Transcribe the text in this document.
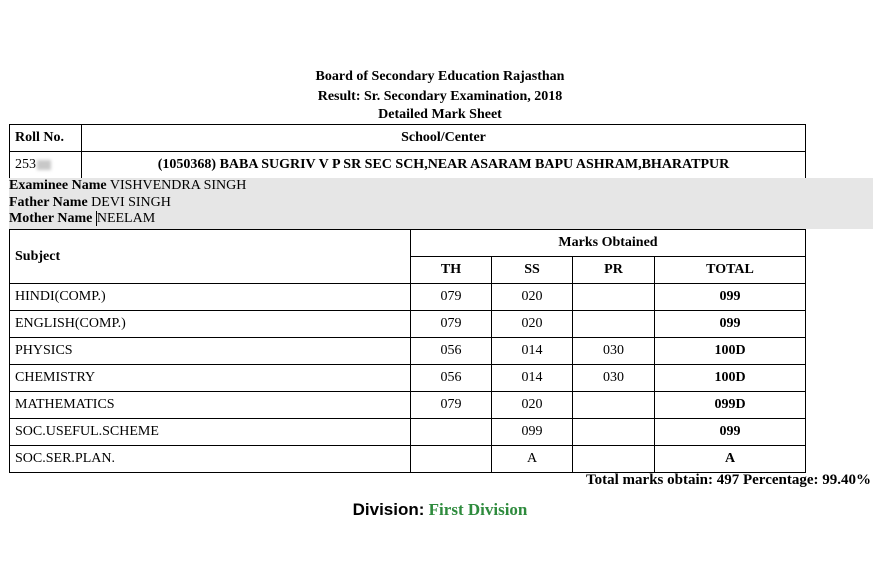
Board of Secondary Education Rajasthan
Result: Sr. Secondary Examination, 2018
Detailed Mark Sheet
Roll No.	School/Center
253	(1050368) BABA SUGRIV V P SR SEC SCH,NEAR ASARAM BAPU ASHRAM,BHARATPUR
Examinee Name VISHVENDRA SINGH
Father Name DEVI SINGH
Mother Name NEELAM
Subject	Marks Obtained			
	TH	SS	PR	TOTAL
HINDI(COMP.)	079	020		099
ENGLISH(COMP.)	079	020		099
PHYSICS	056	014	030	100D
CHEMISTRY	056	014	030	100D
MATHEMATICS	079	020		099D
SOC.USEFUL.SCHEME		099		099
SOC.SER.PLAN.		A		A
Total marks obtain: 497 Percentage: 99.40%
Division: First Division
